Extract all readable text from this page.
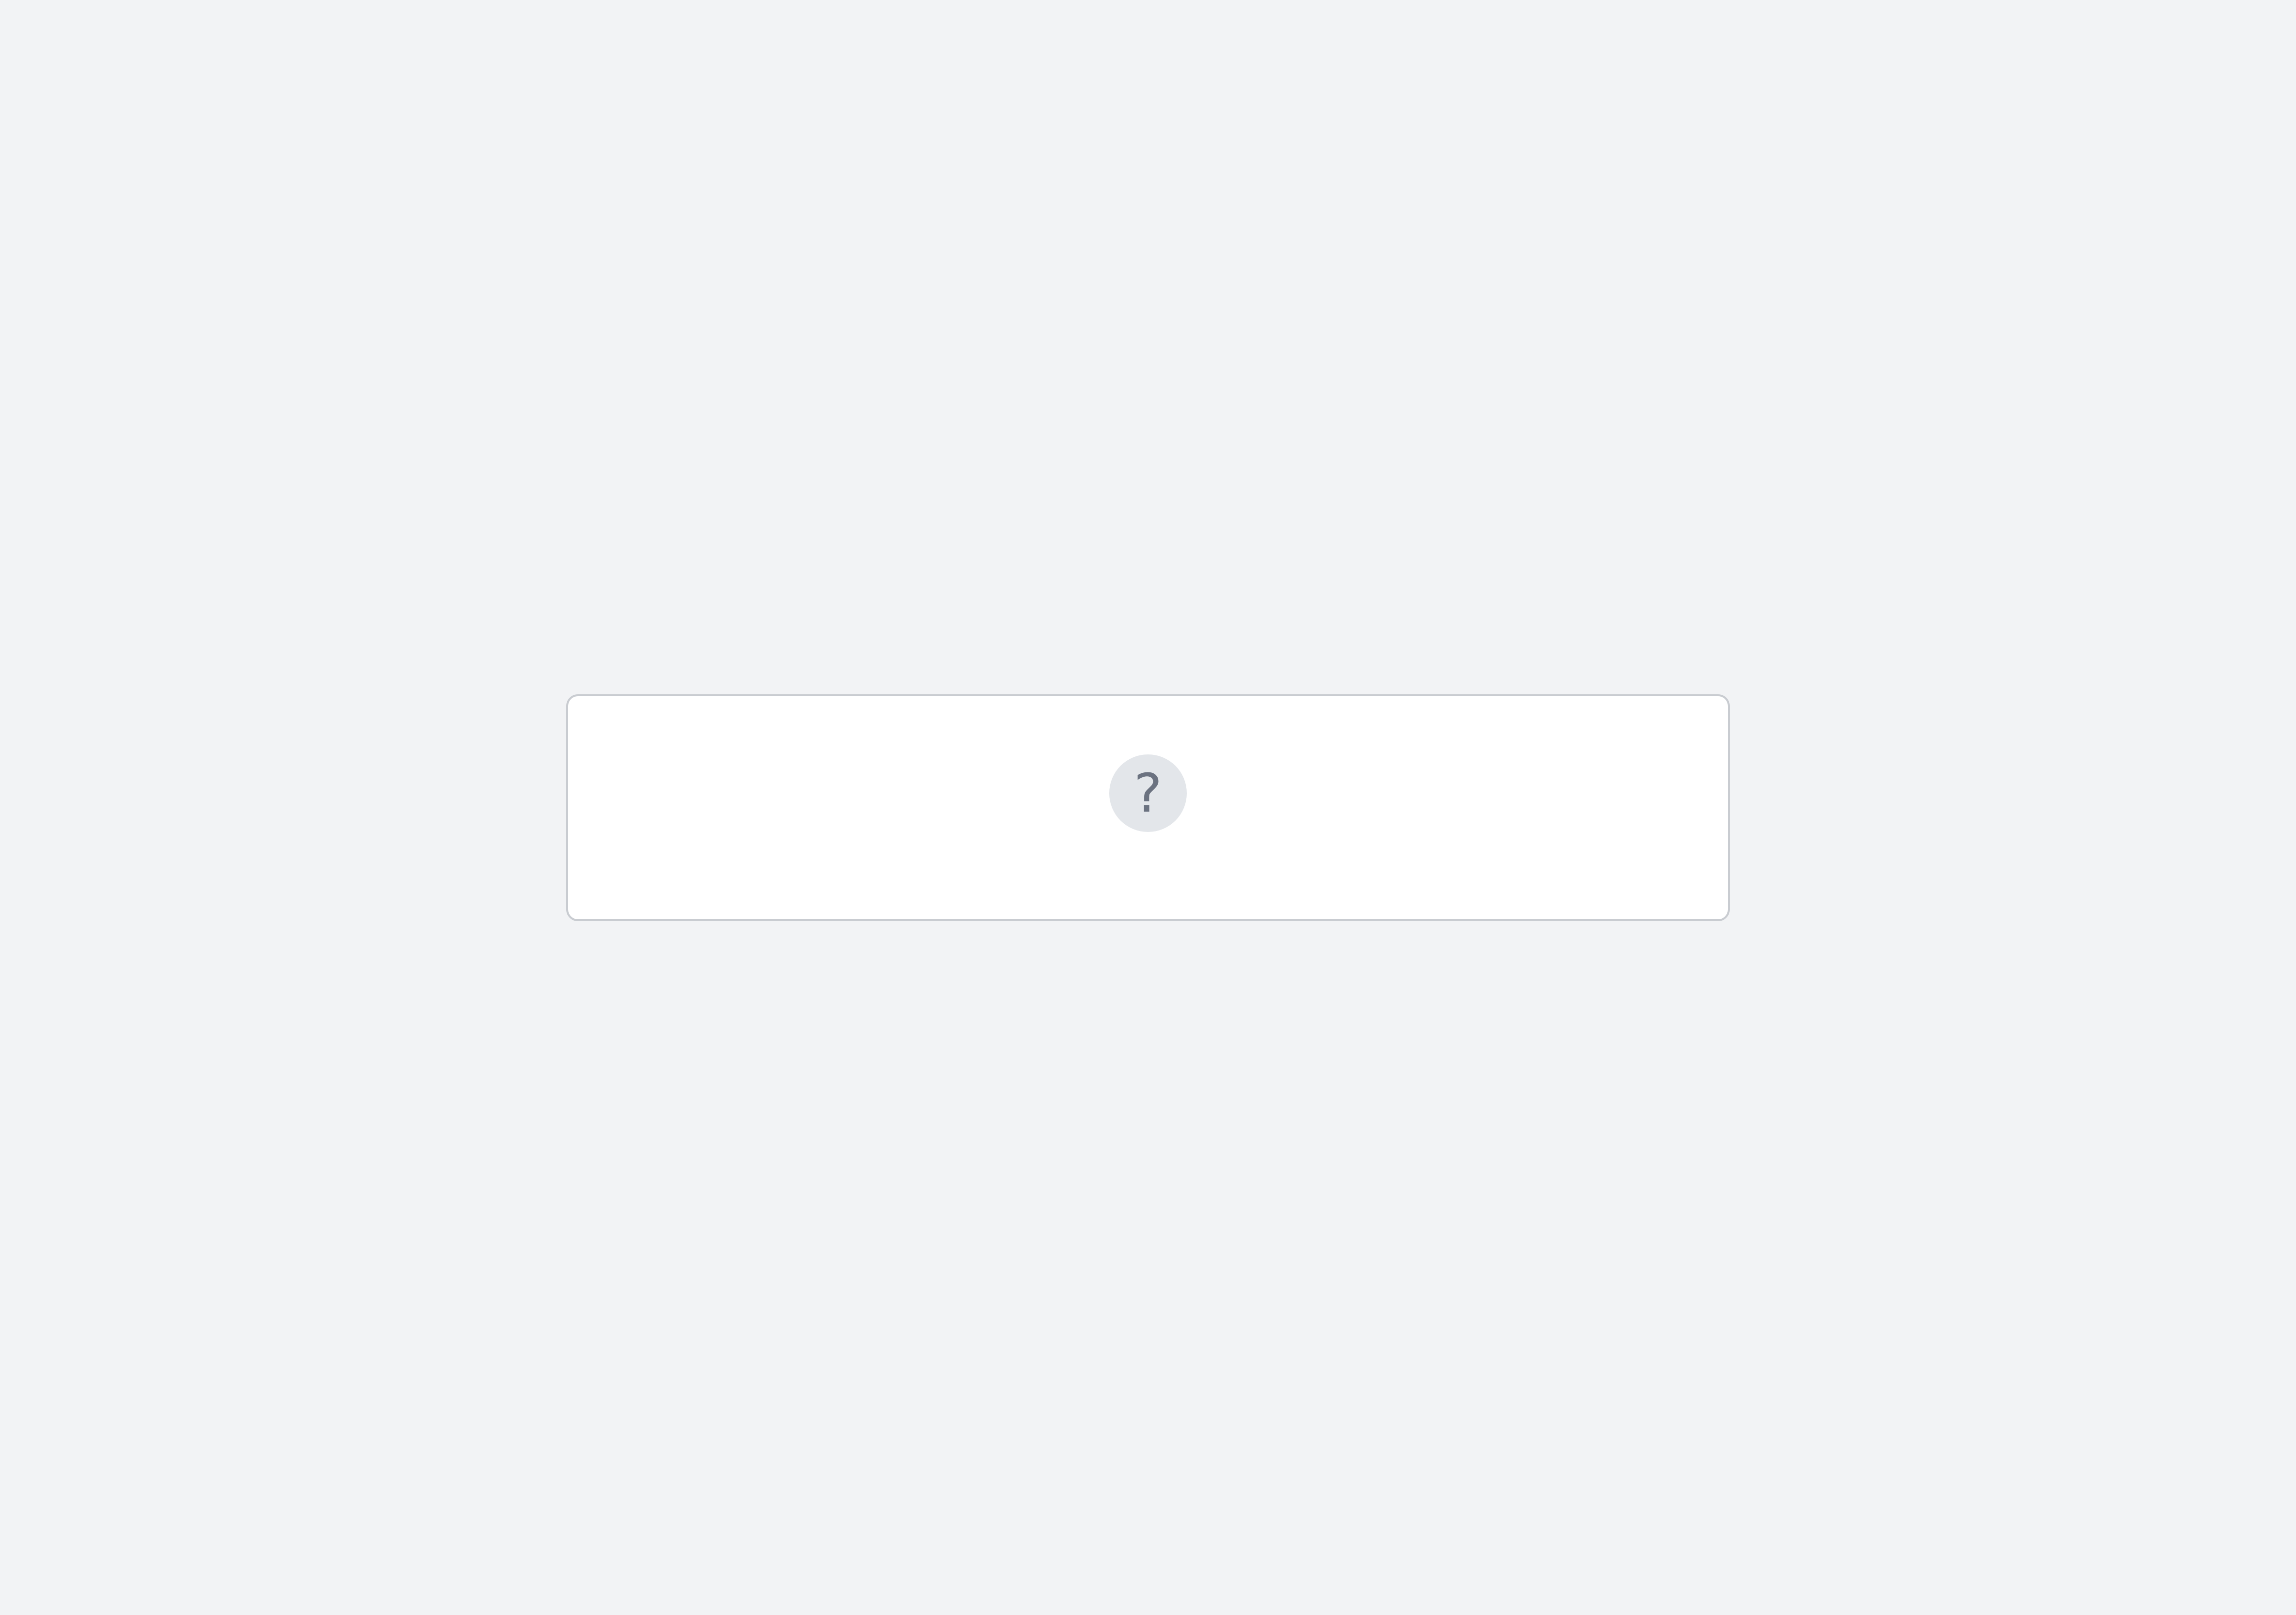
?
